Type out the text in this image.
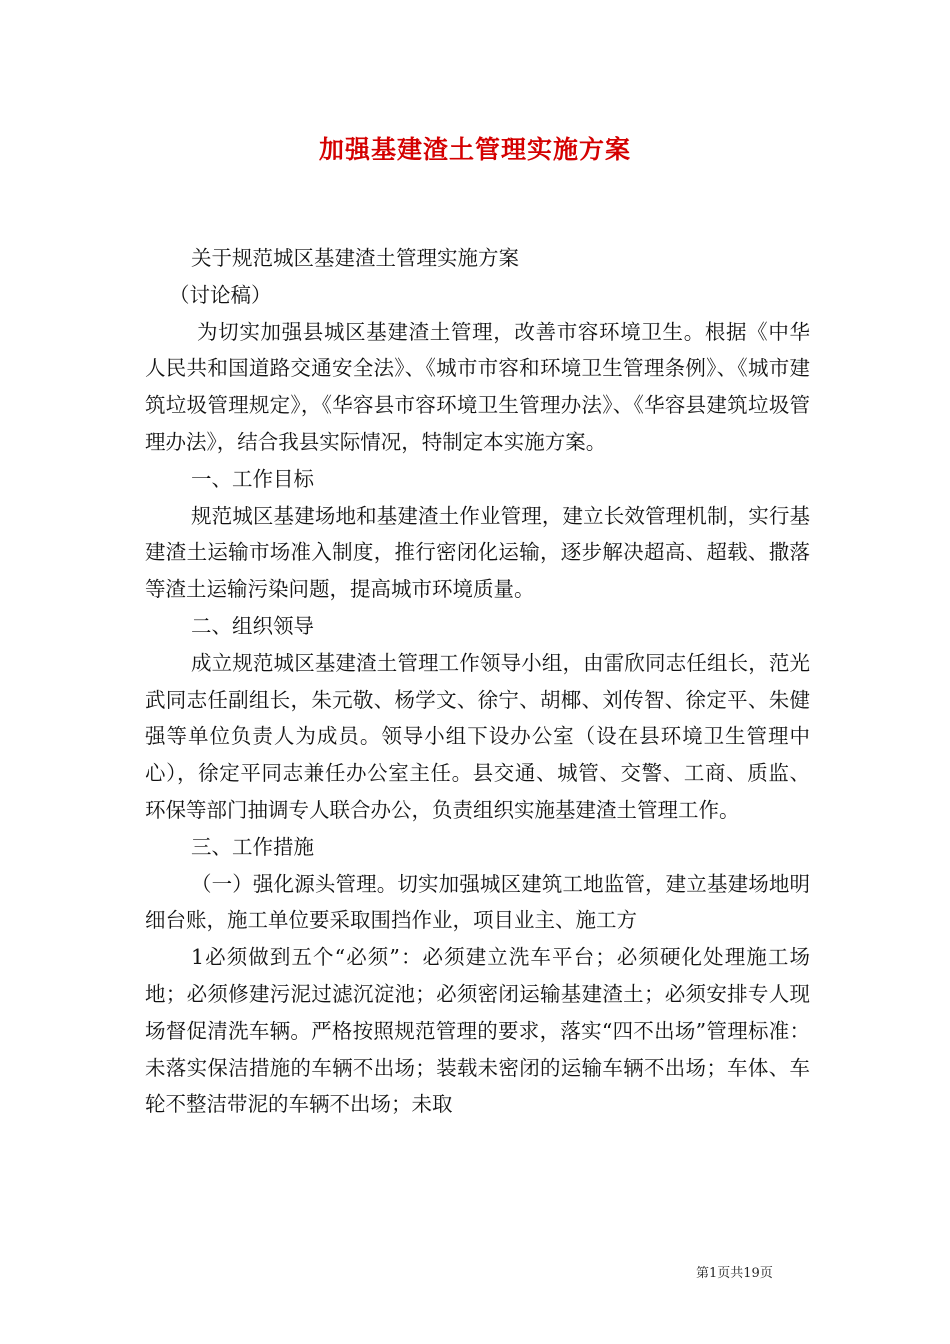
加强基建渣土管理实施方案

关于规范城区基建渣土管理实施方案

（讨论稿）

为切实加强县城区基建渣土管理，改善市容环境卫生。根据《中华人民共和国道路交通安全法》、《城市市容和环境卫生管理条例》、《城市建筑垃圾管理规定》，《华容县市容环境卫生管理办法》、《华容县建筑垃圾管理办法》，结合我县实际情况，特制定本实施方案。

一、工作目标

规范城区基建场地和基建渣土作业管理，建立长效管理机制，实行基建渣土运输市场准入制度，推行密闭化运输，逐步解决超高、超载、撒落等渣土运输污染问题，提高城市环境质量。

二、组织领导

成立规范城区基建渣土管理工作领导小组，由雷欣同志任组长，范光武同志任副组长，朱元敬、杨学文、徐宁、胡椰、刘传智、徐定平、朱健强等单位负责人为成员。领导小组下设办公室（设在县环境卫生管理中心），徐定平同志兼任办公室主任。县交通、城管、交警、工商、质监、环保等部门抽调专人联合办公，负责组织实施基建渣土管理工作。

三、工作措施

（一）强化源头管理。切实加强城区建筑工地监管，建立基建场地明细台账，施工单位要采取围挡作业，项目业主、施工方

1必须做到五个“必须”：必须建立洗车平台；必须硬化处理施工场地；必须修建污泥过滤沉淀池；必须密闭运输基建渣土；必须安排专人现场督促清洗车辆。严格按照规范管理的要求，落实“四不出场”管理标准：未落实保洁措施的车辆不出场；装载未密闭的运输车辆不出场；车体、车轮不整洁带泥的车辆不出场；未取

第1页共19页
